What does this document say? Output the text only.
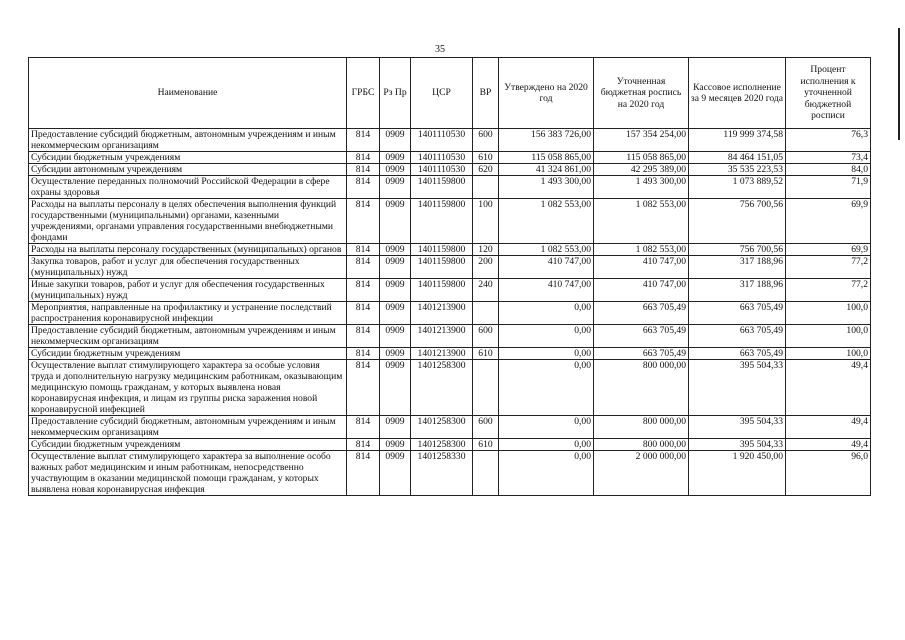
35
Наименование	ГРБС	Рз Пр	ЦСР	ВР	Утверждено на 2020 год	Уточненная бюджетная роспись на 2020 год	Кассовое исполнение за 9 месяцев 2020 года	Процент исполнения к уточненной бюджетной росписи
Предоставление субсидий бюджетным, автономным учреждениям и иным некоммерческим организациям	814	0909	1401110530	600	156 383 726,00	157 354 254,00	119 999 374,58	76,3
Субсидии бюджетным учреждениям	814	0909	1401110530	610	115 058 865,00	115 058 865,00	84 464 151,05	73,4
Субсидии автономным учреждениям	814	0909	1401110530	620	41 324 861,00	42 295 389,00	35 535 223,53	84,0
Осуществление переданных полномочий Российской Федерации в сфере охраны здоровья	814	0909	1401159800		1 493 300,00	1 493 300,00	1 073 889,52	71,9
Расходы на выплаты персоналу в целях обеспечения выполнения функций государственными (муниципальными) органами, казенными учреждениями, органами управления государственными внебюджетными фондами	814	0909	1401159800	100	1 082 553,00	1 082 553,00	756 700,56	69,9
Расходы на выплаты персоналу государственных (муниципальных) органов	814	0909	1401159800	120	1 082 553,00	1 082 553,00	756 700,56	69,9
Закупка товаров, работ и услуг для обеспечения государственных (муниципальных) нужд	814	0909	1401159800	200	410 747,00	410 747,00	317 188,96	77,2
Иные закупки товаров, работ и услуг для обеспечения государственных (муниципальных) нужд	814	0909	1401159800	240	410 747,00	410 747,00	317 188,96	77,2
Мероприятия, направленные на профилактику и устранение последствий распространения коронавирусной инфекции	814	0909	1401213900		0,00	663 705,49	663 705,49	100,0
Предоставление субсидий бюджетным, автономным учреждениям и иным некоммерческим организациям	814	0909	1401213900	600	0,00	663 705,49	663 705,49	100,0
Субсидии бюджетным учреждениям	814	0909	1401213900	610	0,00	663 705,49	663 705,49	100,0
Осуществление выплат стимулирующего характера за особые условия труда и дополнительную нагрузку медицинским работникам, оказывающим медицинскую помощь гражданам, у которых выявлена новая коронавирусная инфекция, и лицам из группы риска заражения новой коронавирусной инфекцией	814	0909	1401258300		0,00	800 000,00	395 504,33	49,4
Предоставление субсидий бюджетным, автономным учреждениям и иным некоммерческим организациям	814	0909	1401258300	600	0,00	800 000,00	395 504,33	49,4
Субсидии бюджетным учреждениям	814	0909	1401258300	610	0,00	800 000,00	395 504,33	49,4
Осуществление выплат стимулирующего характера за выполнение особо важных работ медицинским и иным работникам, непосредственно участвующим в оказании медицинской помощи гражданам, у которых выявлена новая коронавирусная инфекция	814	0909	1401258330		0,00	2 000 000,00	1 920 450,00	96,0
